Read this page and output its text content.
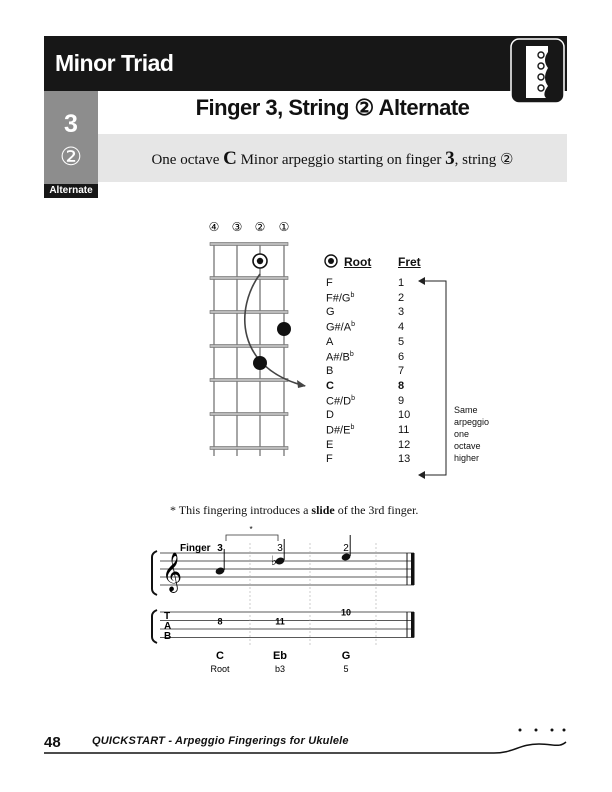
Minor Triad
3
②
Alternate
Finger 3, String ② Alternate
One octave C Minor arpeggio starting on finger 3, string ②
④ ③ ② ①
Root Fret
F	1
$F\#/G^b$	2
G	3
$G\#/A^b$	4
A	5
$A\#/B^b$	6
B	7
C	8
$C\#/D^b$	9
D	10
$D\#/E^b$	11
E	12
F	13
Same
arpeggio
one
octave
higher
* This fingering introduces a slide of the 3rd finger.
𝄞
T
A
B
Finger
*
3
8
C
Root
3
11
Eb
b3
2
10
G
5
♭
48	QUICKSTART - Arpeggio Fingerings for Ukulele
